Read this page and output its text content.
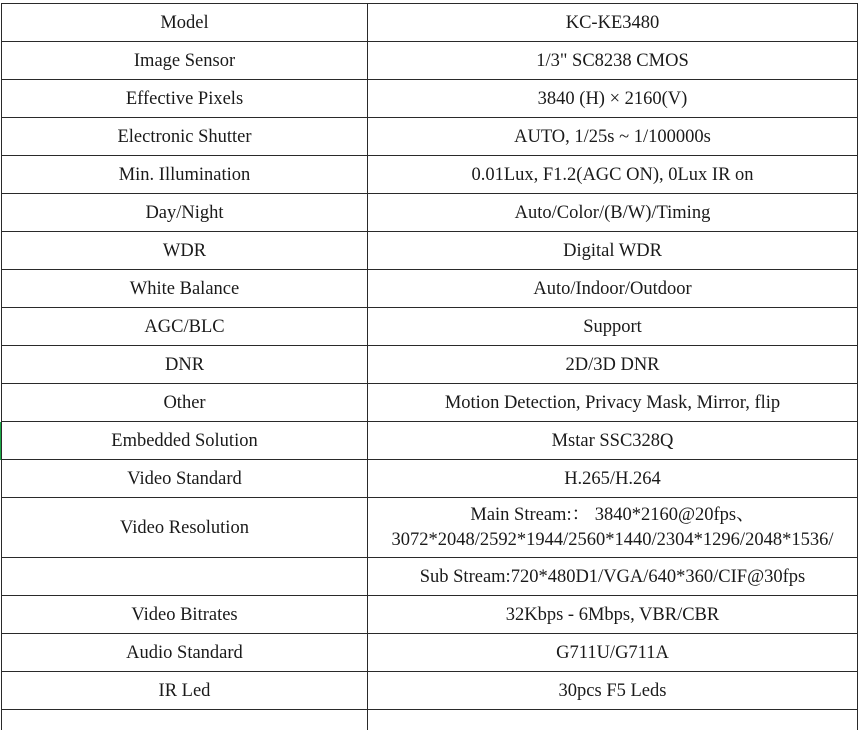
Model	KC-KE3480
Image Sensor	1/3" SC8238 CMOS
Effective Pixels	3840 (H) × 2160(V)
Electronic Shutter	AUTO, 1/25s ~ 1/100000s
Min. Illumination	0.01Lux, F1.2(AGC ON), 0Lux IR on
Day/Night	Auto/Color/(B/W)/Timing
WDR	Digital WDR
White Balance	Auto/Indoor/Outdoor
AGC/BLC	Support
DNR	2D/3D DNR
Other	Motion Detection, Privacy Mask, Mirror, flip
Embedded Solution	Mstar SSC328Q
Video Standard	H.265/H.264
Video Resolution	Main Stream:： 3840*2160@20fps、
3072*2048/2592*1944/2560*1440/2304*1296/2048*1536/

	Sub Stream:720*480D1/VGA/640*360/CIF@30fps
Video Bitrates	32Kbps - 6Mbps, VBR/CBR
Audio Standard	G711U/G711A
IR Led	30pcs F5 Leds
